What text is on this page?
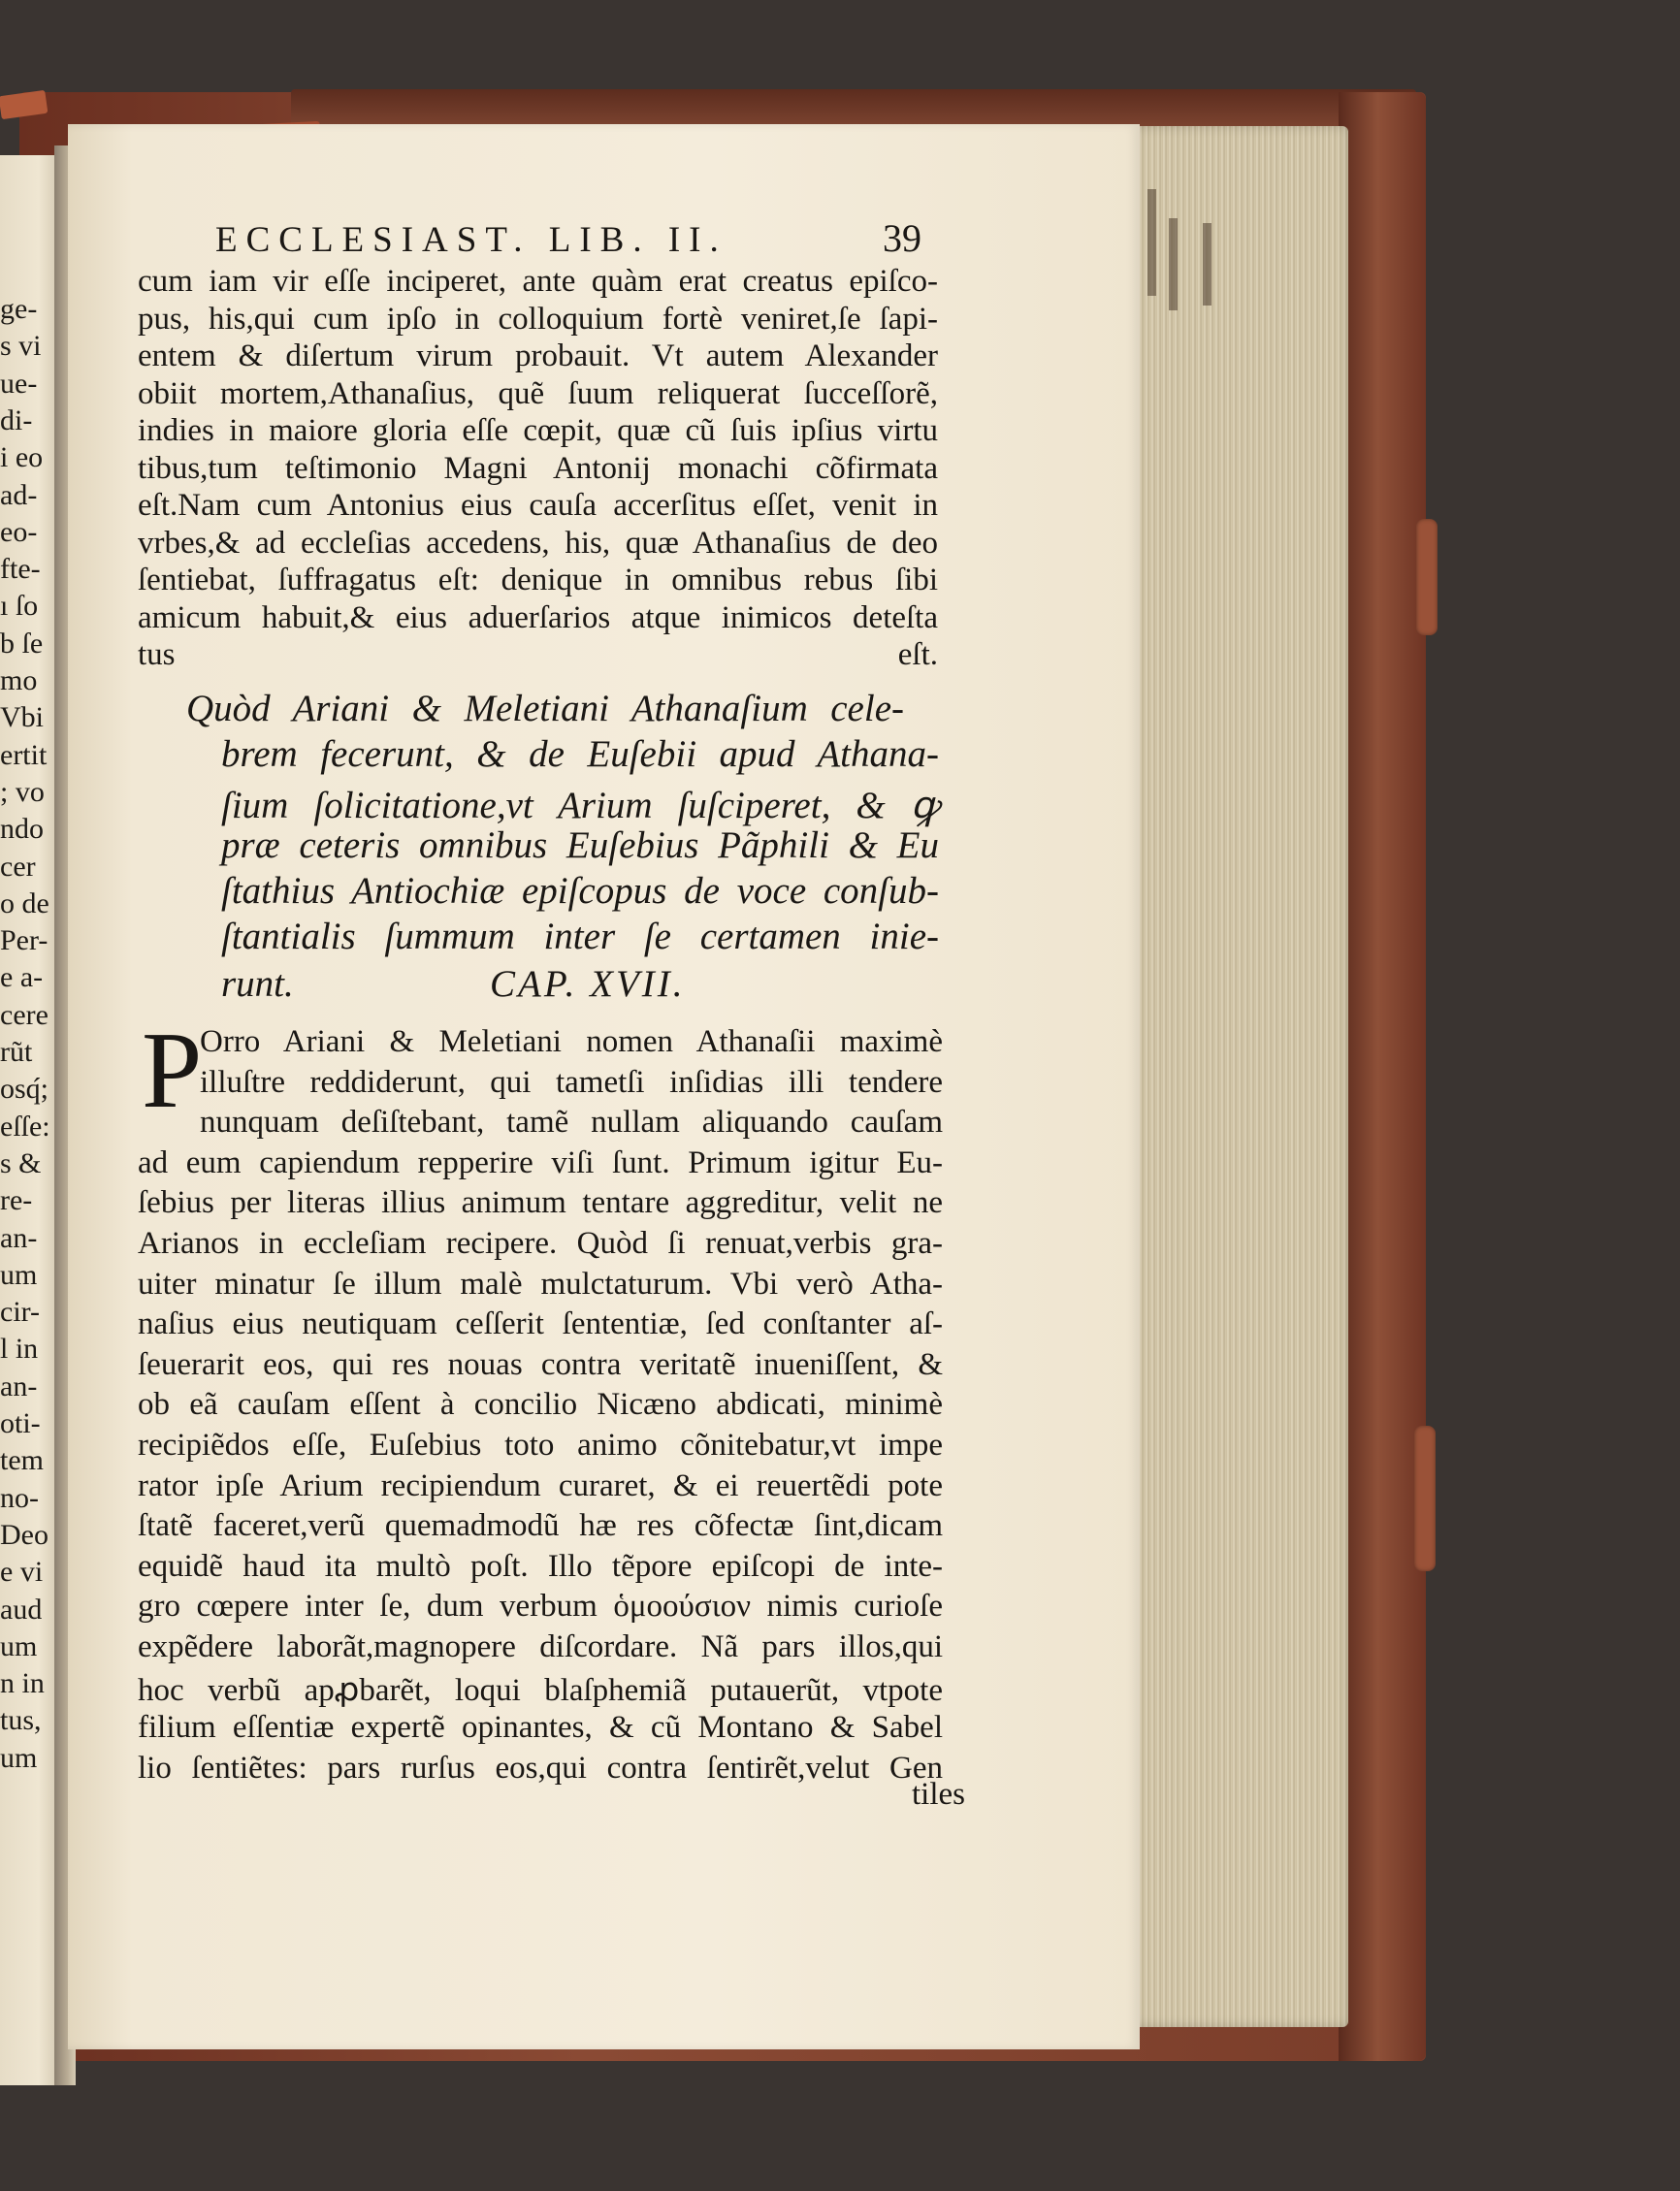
ge-
s vi
ue-
di-
i eo
ad-
eo-
fte-
ı ſo
b ſe
mo
Vbi
ertit
; vo
ndo
cer
o de
Per-
e a-
cere
rũt
osq́;
eſſe:
s &
re-
an-
um
cir-
l in
an-
oti-
tem
no-
Deo
e vi
aud
um
n in
tus,
um
ECCLESIAST. LIB. II.	39
cum iam vir eſſe inciperet, ante quàm erat creatus epiſco-
pus, his,qui cum ipſo in colloquium fortè veniret,ſe ſapi-
entem & diſertum virum probauit. Vt autem Alexander
obiit mortem,Athanaſius, quẽ ſuum reliquerat ſucceſſorẽ,
indies in maiore gloria eſſe cœpit, quæ cũ ſuis ipſius virtu
tibus,tum teſtimonio Magni Antonij monachi cõfirmata
eſt.Nam cum Antonius eius cauſa accerſitus eſſet, venit in
vrbes,& ad eccleſias accedens, his, quæ Athanaſius de deo
ſentiebat, ſuffragatus eſt: denique in omnibus rebus ſibi
amicum habuit,& eius aduerſarios atque inimicos deteſta
tus eſt.
Quòd Ariani & Meletiani Athanaſium cele-
brem fecerunt, & de Euſebii apud Athana-
ſium ſolicitatione,vt Arium ſuſciperet, & ꝙ
præ ceteris omnibus Euſebius Pãphili & Eu
ſtathius Antiochiæ epiſcopus de voce conſub-
ſtantialis ſummum inter ſe certamen inie-
runt.	CAP. XVII.
P
Orro Ariani & Meletiani nomen Athanaſii maximè
illuſtre reddiderunt, qui tametſi inſidias illi tendere
nunquam deſiſtebant, tamẽ nullam aliquando cauſam
ad eum capiendum repperire viſi ſunt. Primum igitur Eu-
ſebius per literas illius animum tentare aggreditur, velit ne
Arianos in eccleſiam recipere. Quòd ſi renuat,verbis gra-
uiter minatur ſe illum malè mulctaturum. Vbi verò Atha-
naſius eius neutiquam ceſſerit ſententiæ, ſed conſtanter aſ-
ſeuerarit eos, qui res nouas contra veritatẽ inueniſſent, &
ob eã cauſam eſſent à concilio Nicæno abdicati, minimè
recipiẽdos eſſe, Euſebius toto animo cõnitebatur,vt impe
rator ipſe Arium recipiendum curaret, & ei reuertẽdi pote
ſtatẽ faceret,verũ quemadmodũ hæ res cõfectæ ſint,dicam
equidẽ haud ita multò poſt. Illo tẽpore epiſcopi de inte-
gro cœpere inter ſe, dum verbum ὁμοούσιον nimis curioſe
expẽdere laborãt,magnopere diſcordare. Nã pars illos,qui
hoc verbũ apꝓbarẽt, loqui blaſphemiã putauerũt, vtpote
filium eſſentiæ expertẽ opinantes, & cũ Montano & Sabel
lio ſentiẽtes: pars rurſus eos,qui contra ſentirẽt,velut Gen
tiles
